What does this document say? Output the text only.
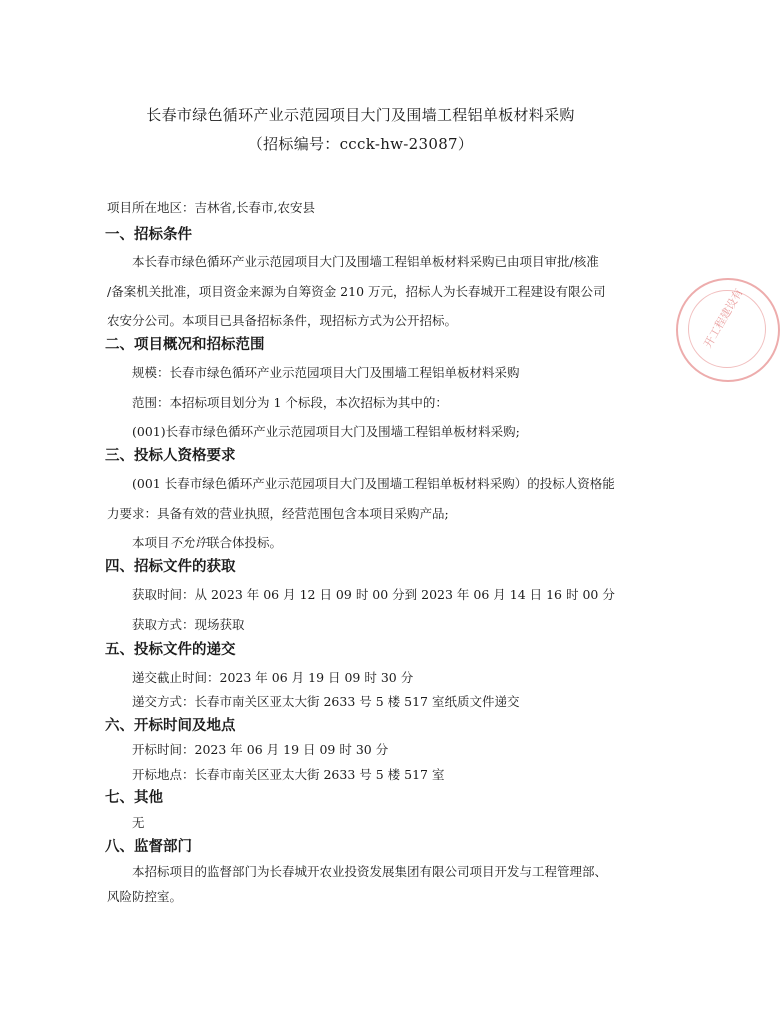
长春市绿色循环产业示范园项目大门及围墙工程铝单板材料采购
（招标编号：ccck-hw-23087）
项目所在地区：吉林省,长春市,农安县
一、招标条件
本长春市绿色循环产业示范园项目大门及围墙工程铝单板材料采购已由项目审批/核准
/备案机关批准，项目资金来源为自筹资金 210 万元，招标人为长春城开工程建设有限公司
农安分公司。本项目已具备招标条件，现招标方式为公开招标。
二、项目概况和招标范围
规模：长春市绿色循环产业示范园项目大门及围墙工程铝单板材料采购
范围：本招标项目划分为 1 个标段，本次招标为其中的：
(001)长春市绿色循环产业示范园项目大门及围墙工程铝单板材料采购;
三、投标人资格要求
(001 长春市绿色循环产业示范园项目大门及围墙工程铝单板材料采购）的投标人资格能
力要求：具备有效的营业执照，经营范围包含本项目采购产品;
本项目不允许联合体投标。
四、招标文件的获取
获取时间：从 2023 年 06 月 12 日 09 时 00 分到 2023 年 06 月 14 日 16 时 00 分
获取方式：现场获取
五、投标文件的递交
递交截止时间：2023 年 06 月 19 日 09 时 30 分
递交方式：长春市南关区亚太大街 2633 号 5 楼 517 室纸质文件递交
六、开标时间及地点
开标时间：2023 年 06 月 19 日 09 时 30 分
开标地点：长春市南关区亚太大街 2633 号 5 楼 517 室
七、其他
无
八、监督部门
本招标项目的监督部门为长春城开农业投资发展集团有限公司项目开发与工程管理部、
风险防控室。
开工程建设有
